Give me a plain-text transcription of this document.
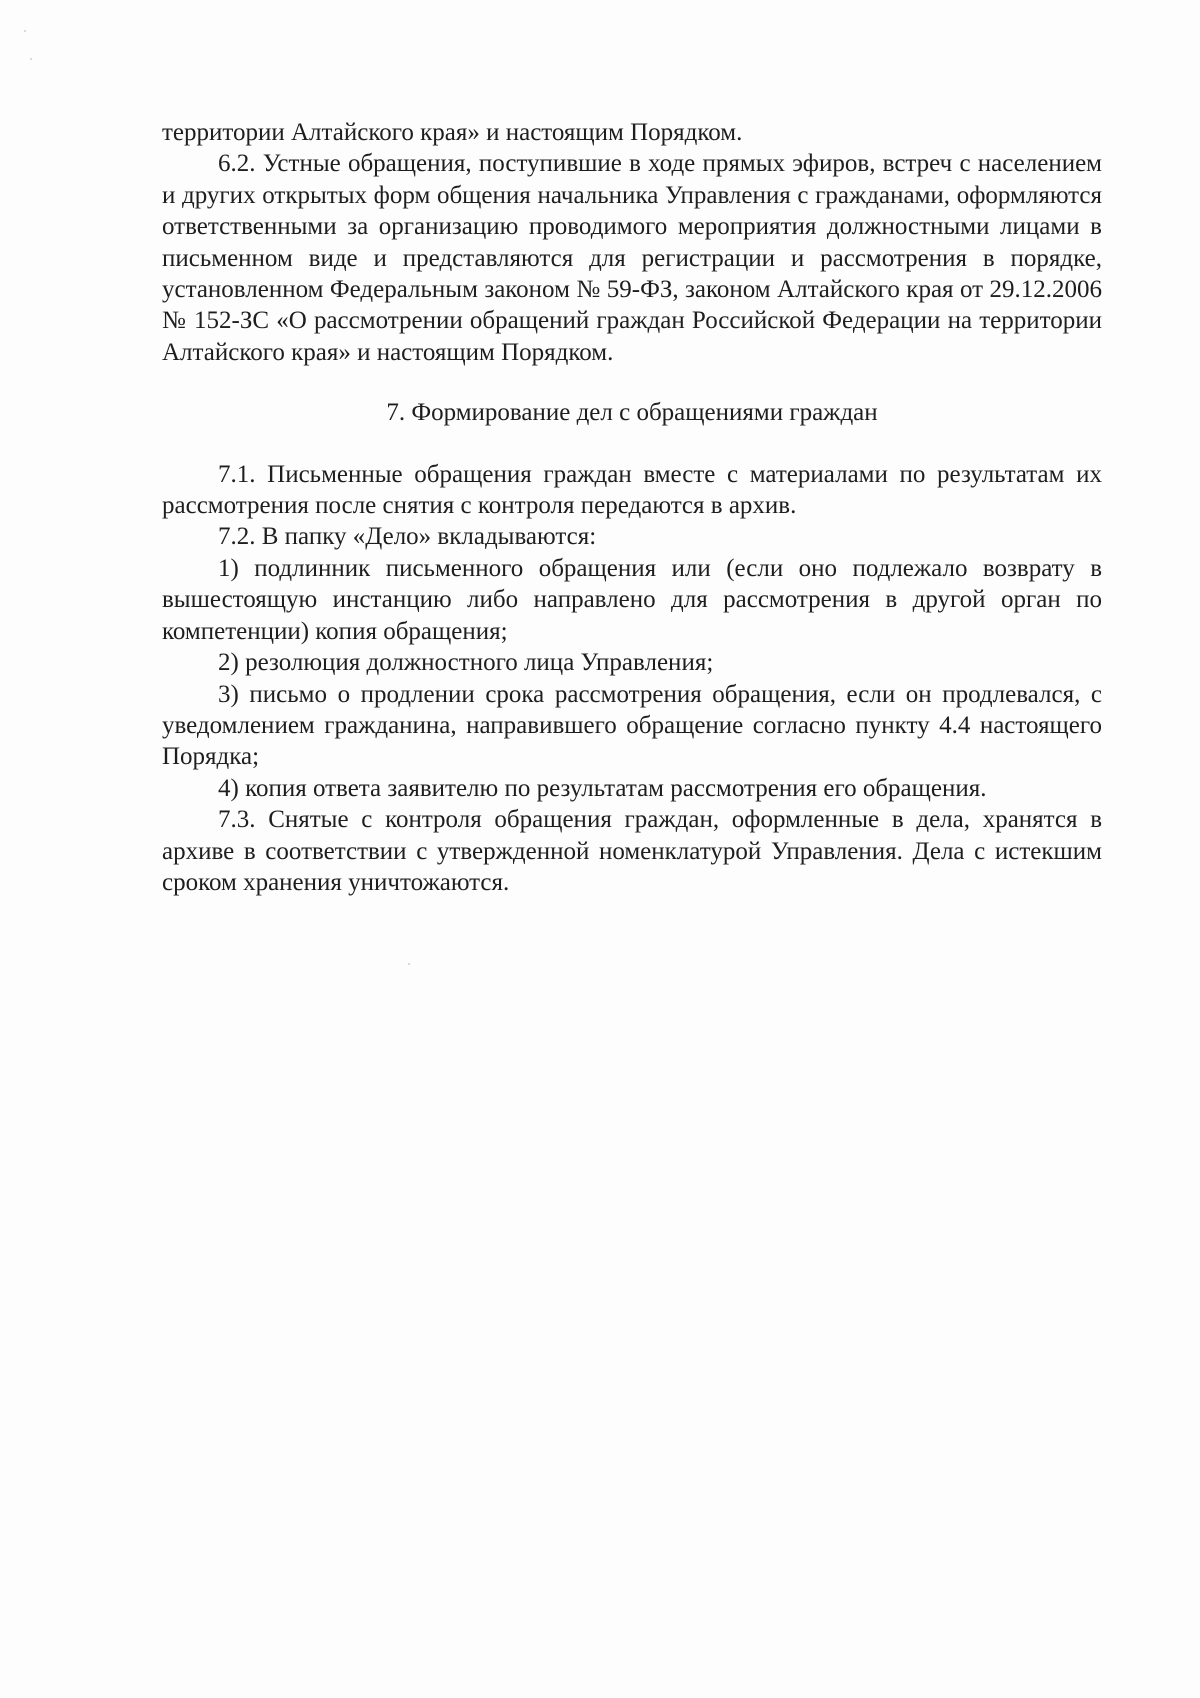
территории Алтайского края» и настоящим Порядком.

6.2. Устные обращения, поступившие в ходе прямых эфиров, встреч с населением и других открытых форм общения начальника Управления с гражданами, оформляются ответственными за организацию проводимого мероприятия должностными лицами в письменном виде и представляются для регистрации и рассмотрения в порядке, установленном Федеральным законом № 59-ФЗ, законом Алтайского края от 29.12.2006 № 152-ЗС «О рассмотрении обращений граждан Российской Федерации на территории Алтайского края» и настоящим Порядком.

7. Формирование дел с обращениями граждан

7.1. Письменные обращения граждан вместе с материалами по результатам их рассмотрения после снятия с контроля передаются в архив.

7.2. В папку «Дело» вкладываются:

1) подлинник письменного обращения или (если оно подлежало возврату в вышестоящую инстанцию либо направлено для рассмотрения в другой орган по компетенции) копия обращения;

2) резолюция должностного лица Управления;

3) письмо о продлении срока рассмотрения обращения, если он продлевался, с уведомлением гражданина, направившего обращение согласно пункту 4.4 настоящего Порядка;

4) копия ответа заявителю по результатам рассмотрения его обращения.

7.3. Снятые с контроля обращения граждан, оформленные в дела, хранятся в архиве в соответствии с утвержденной номенклатурой Управления. Дела с истекшим сроком хранения уничтожаются.
